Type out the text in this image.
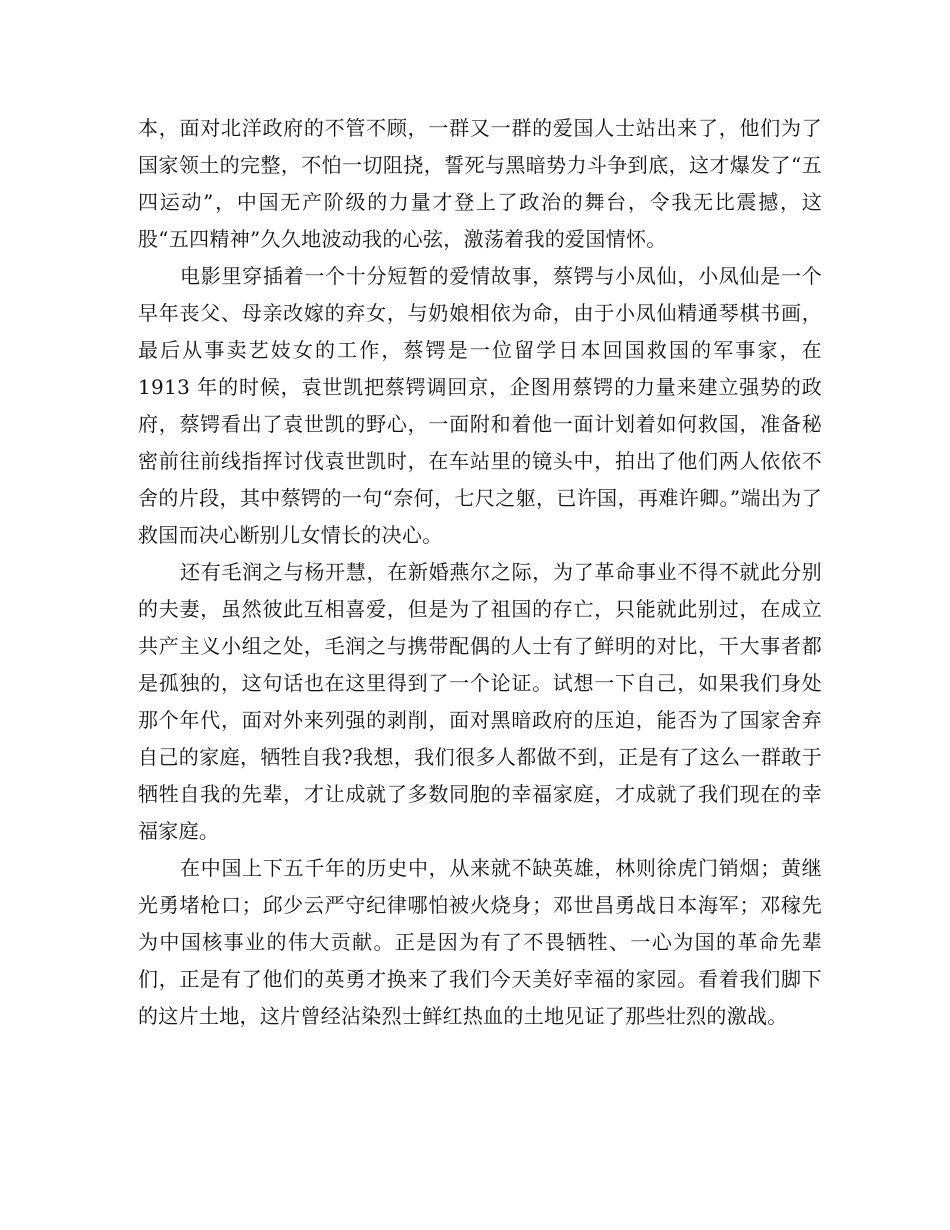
本，面对北洋政府的不管不顾，一群又一群的爱国人士站出来了，他们为了国家领土的完整，不怕一切阻挠，誓死与黑暗势力斗争到底，这才爆发了“五四运动”，中国无产阶级的力量才登上了政治的舞台，令我无比震撼，这股“五四精神”久久地波动我的心弦，激荡着我的爱国情怀。

电影里穿插着一个十分短暂的爱情故事，蔡锷与小凤仙，小凤仙是一个早年丧父、母亲改嫁的弃女，与奶娘相依为命，由于小凤仙精通琴棋书画，最后从事卖艺妓女的工作，蔡锷是一位留学日本回国救国的军事家，在 1913 年的时候，袁世凯把蔡锷调回京，企图用蔡锷的力量来建立强势的政府，蔡锷看出了袁世凯的野心，一面附和着他一面计划着如何救国，准备秘密前往前线指挥讨伐袁世凯时，在车站里的镜头中，拍出了他们两人依依不舍的片段，其中蔡锷的一句“奈何，七尺之躯，已许国，再难许卿。”端出为了救国而决心断别儿女情长的决心。

还有毛润之与杨开慧，在新婚燕尔之际，为了革命事业不得不就此分别的夫妻，虽然彼此互相喜爱，但是为了祖国的存亡，只能就此别过，在成立共产主义小组之处，毛润之与携带配偶的人士有了鲜明的对比，干大事者都是孤独的，这句话也在这里得到了一个论证。试想一下自己，如果我们身处那个年代，面对外来列强的剥削，面对黑暗政府的压迫，能否为了国家舍弃自己的家庭，牺牲自我?我想，我们很多人都做不到，正是有了这么一群敢于牺牲自我的先辈，才让成就了多数同胞的幸福家庭，才成就了我们现在的幸福家庭。

在中国上下五千年的历史中，从来就不缺英雄，林则徐虎门销烟；黄继光勇堵枪口；邱少云严守纪律哪怕被火烧身；邓世昌勇战日本海军；邓稼先为中国核事业的伟大贡献。正是因为有了不畏牺牲、一心为国的革命先辈们，正是有了他们的英勇才换来了我们今天美好幸福的家园。看着我们脚下的这片土地，这片曾经沾染烈士鲜红热血的土地见证了那些壮烈的激战。
